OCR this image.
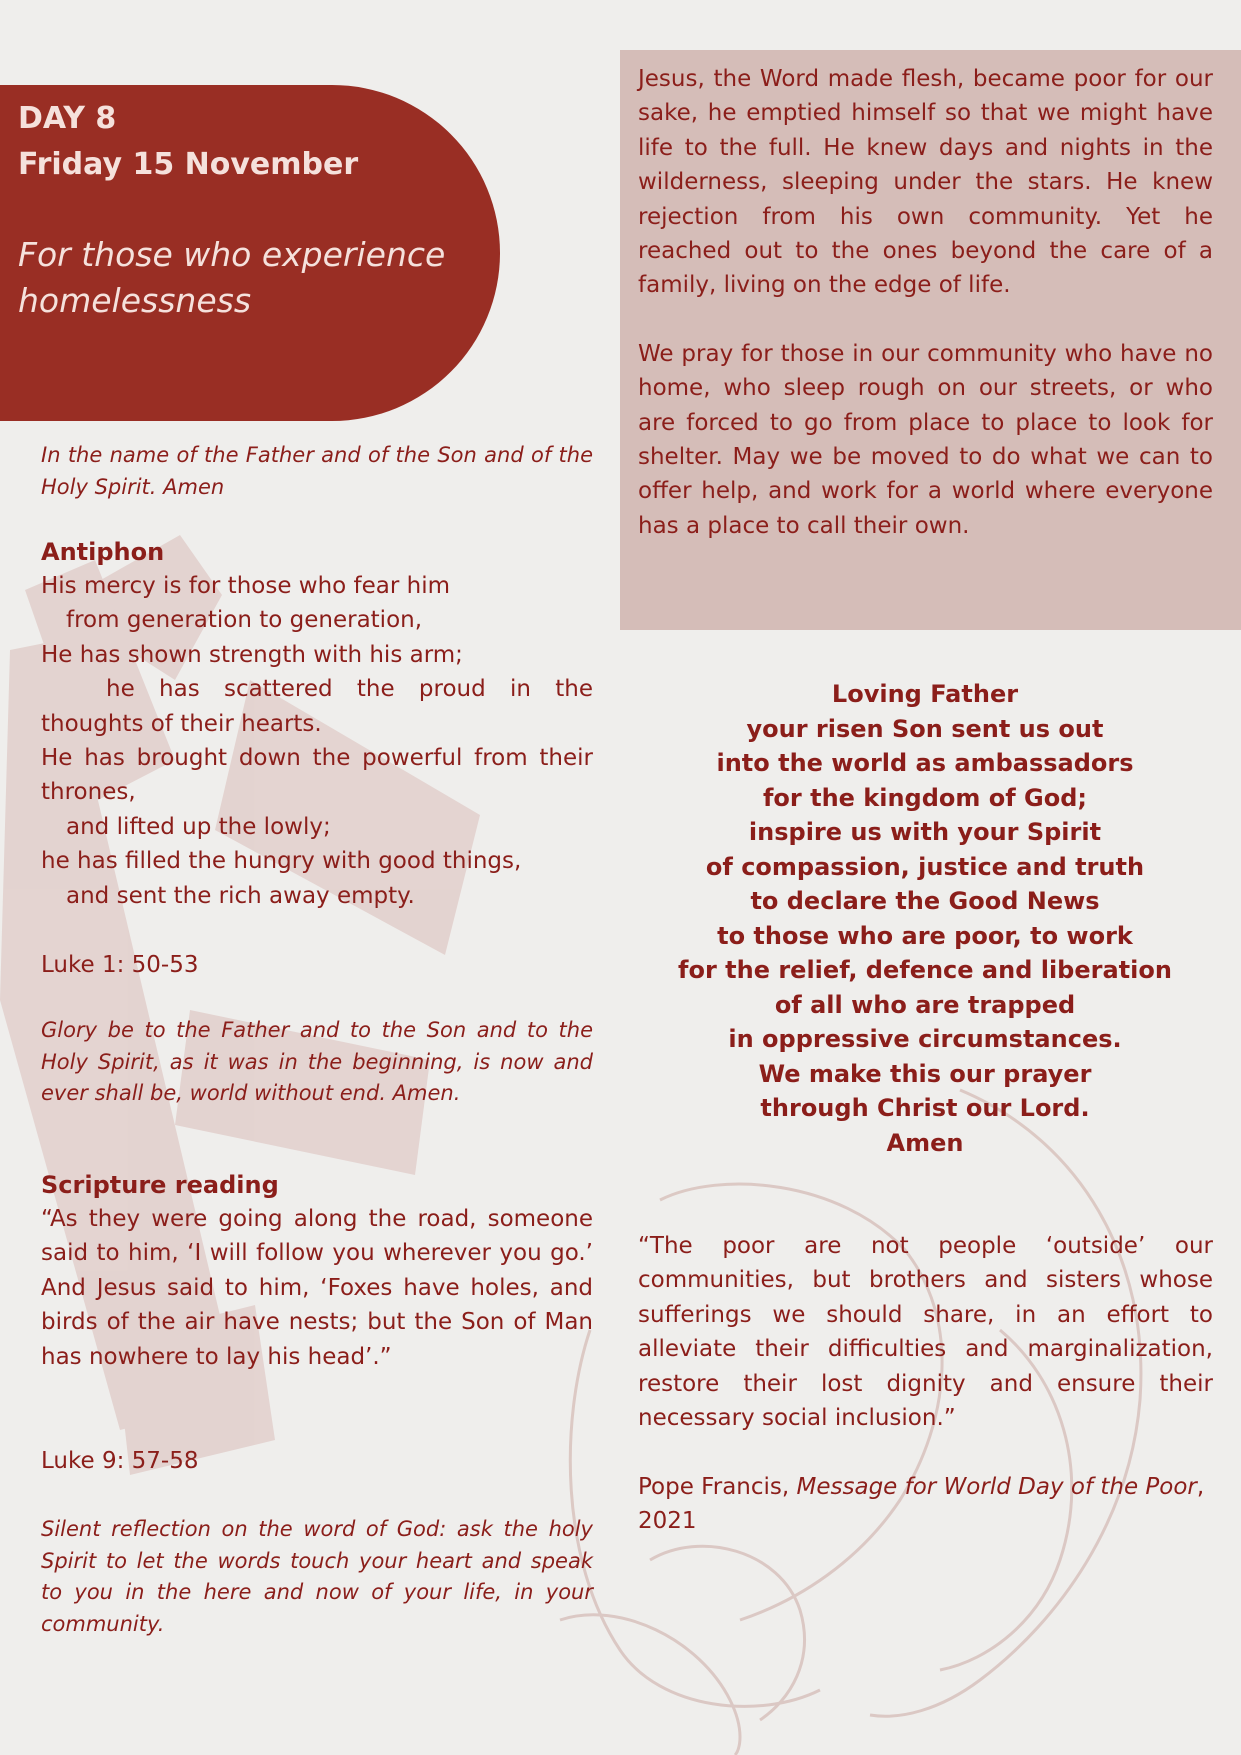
DAY 8
Friday 15 November
For those who experience homelessness
In the name of the Father and of the Son and of the Holy Spirit. Amen
Antiphon
His mercy is for those who fear him
from generation to generation,
He has shown strength with his arm;
he has scattered the proud in the thoughts of their hearts.
He has brought down the powerful from their thrones,
and lifted up the lowly;
he has filled the hungry with good things,
and sent the rich away empty.
Luke 1: 50-53
Glory be to the Father and to the Son and to the Holy Spirit, as it was in the beginning, is now and ever shall be, world without end. Amen.
Scripture reading
“As they were going along the road, someone said to him, ‘I will follow you wherever you go.’ And Jesus said to him, ‘Foxes have holes, and birds of the air have nests; but the Son of Man has nowhere to lay his head’.”
Luke 9: 57-58
Silent reflection on the word of God: ask the holy Spirit to let the words touch your heart and speak to you in the here and now of your life, in your community.
Jesus, the Word made flesh, became poor for our sake, he emptied himself so that we might have life to the full. He knew days and nights in the wilderness, sleeping under the stars. He knew rejection from his own community. Yet he reached out to the ones beyond the care of a family, living on the edge of life.
We pray for those in our community who have no home, who sleep rough on our streets, or who are forced to go from place to place to look for shelter. May we be moved to do what we can to offer help, and work for a world where everyone has a place to call their own.
Loving Father
your risen Son sent us out
into the world as ambassadors
for the kingdom of God;
inspire us with your Spirit
of compassion, justice and truth
to declare the Good News
to those who are poor, to work
for the relief, defence and liberation
of all who are trapped
in oppressive circumstances.
We make this our prayer
through Christ our Lord.
Amen
“The poor are not people ‘outside’ our communities, but brothers and sisters whose sufferings we should share, in an effort to alleviate their difficulties and marginalization, restore their lost dignity and ensure their necessary social inclusion.”
Pope Francis, Message for World Day of the Poor, 2021
